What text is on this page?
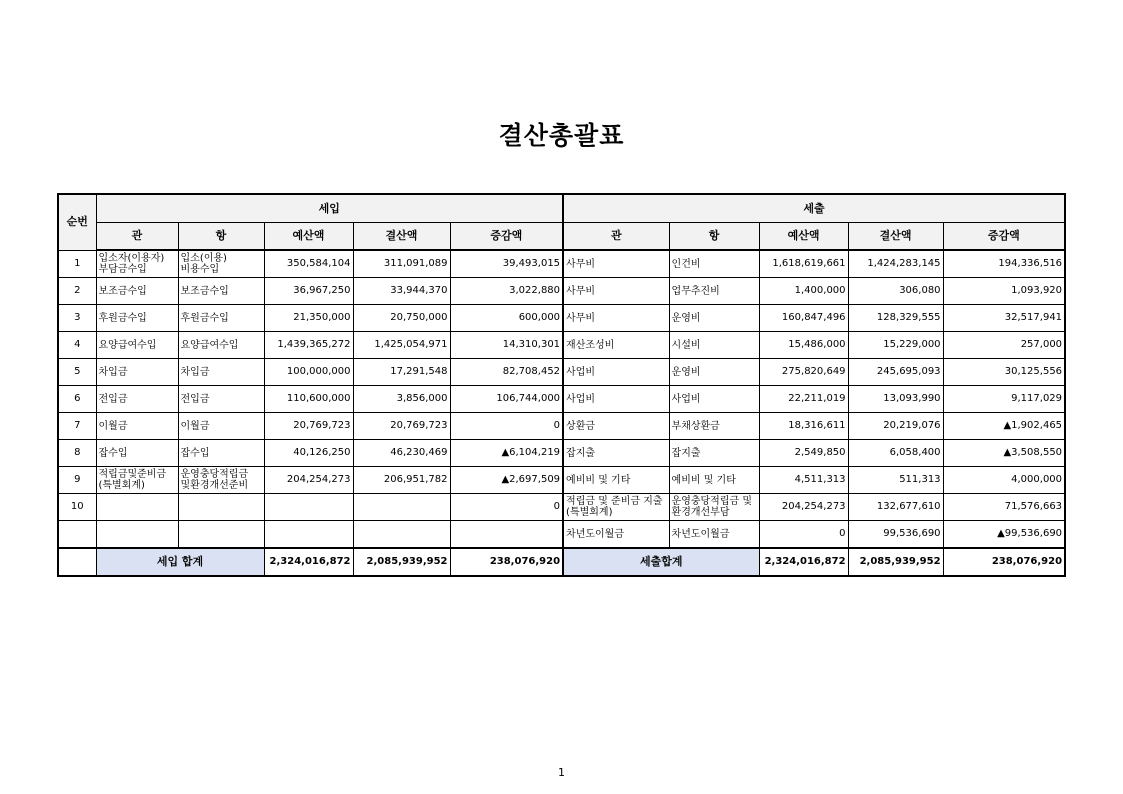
결산총괄표
순번	세입					세출				
	관	항	예산액	결산액	증감액	관	항	예산액	결산액	증감액
1	입소자(이용자) 부담금수입	입소(이용)비용수입	350,584,104	311,091,089	39,493,015	사무비	인건비	1,618,619,661	1,424,283,145	194,336,516
2	보조금수입	보조금수입	36,967,250	33,944,370	3,022,880	사무비	업무추진비	1,400,000	306,080	1,093,920
3	후원금수입	후원금수입	21,350,000	20,750,000	600,000	사무비	운영비	160,847,496	128,329,555	32,517,941
4	요양급여수입	요양급여수입	1,439,365,272	1,425,054,971	14,310,301	재산조성비	시설비	15,486,000	15,229,000	257,000
5	차입금	차입금	100,000,000	17,291,548	82,708,452	사업비	운영비	275,820,649	245,695,093	30,125,556
6	전입금	전입금	110,600,000	3,856,000	106,744,000	사업비	사업비	22,211,019	13,093,990	9,117,029
7	이월금	이월금	20,769,723	20,769,723	0	상환금	부채상환금	18,316,611	20,219,076	▲1,902,465
8	잡수입	잡수입	40,126,250	46,230,469	▲6,104,219	잡지출	잡지출	2,549,850	6,058,400	▲3,508,550
9	적립금및준비금 (특별회계)	운영충당적립금 및환경개선준비	204,254,273	206,951,782	▲2,697,509	예비비 및 기타	예비비 및 기타	4,511,313	511,313	4,000,000
10					0	적립금 및 준비금 지출(특별회계)	운영충당적립금 및 환경개선부담	204,254,273	132,677,610	71,576,663
						차년도이월금	차년도이월금	0	99,536,690	▲99,536,690
	세입 합계		2,324,016,872	2,085,939,952	238,076,920	세출합계		2,324,016,872	2,085,939,952	238,076,920
1
